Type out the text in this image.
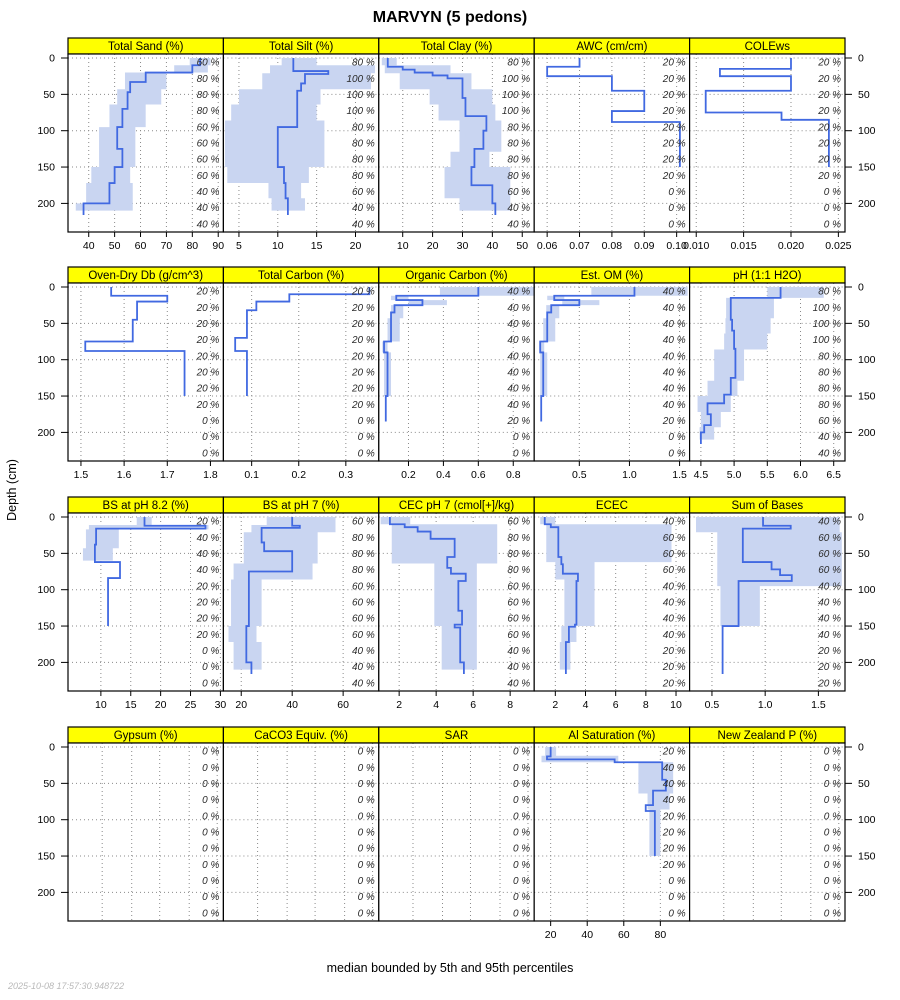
MARVYN (5 pedons)
Depth (cm)
Total Sand (%)
60 %
80 %
80 %
80 %
60 %
60 %
60 %
60 %
40 %
40 %
40 %
40 50 60 70 80 90
0
50
100
150
200
Total Silt (%)
80 %
100 %
100 %
100 %
80 %
80 %
80 %
80 %
60 %
40 %
40 %
5	10	15	20
Total Clay (%)
80 %
100 %
100 %
100 %
80 %
80 %
80 %
80 %
60 %
40 %
40 %
10 20 30 40 50
AWC (cm/cm)
20 %
20 %
20 %
20 %
20 %
20 %
20 %
20 %
0 %
0 %
0 %
0.06 0.07 0.08 0.09 0.10
COLEws
20 %
20 %
20 %
20 %
20 %
20 %
20 %
20 %
0 %
0 %
0 %
0.010 0.015 0.020 0.025
0
50
100
150
200
Oven-Dry Db (g/cm^3)
20 %
20 %
20 %
20 %
20 %
20 %
20 %
20 %
0 %
0 %
0 %
1.5	1.6	1.7	1.8
0
50
100
150
200
Total Carbon (%)
20 %
20 %
20 %
20 %
20 %
20 %
20 %
20 %
0 %
0 %
0 %
0.1	0.2	0.3
Organic Carbon (%)
40 %
40 %
40 %
40 %
40 %
40 %
40 %
40 %
20 %
0 %
0 %
0.2 0.4 0.6 0.8
Est. OM (%)
40 %
40 %
40 %
40 %
40 %
40 %
40 %
40 %
20 %
0 %
0 %
0.5	1.0	1.5
pH (1:1 H2O)
80 %
100 %
100 %
100 %
80 %
80 %
80 %
80 %
60 %
40 %
40 %
4.5 5.0 5.5 6.0 6.5
0
50
100
150
200
BS at pH 8.2 (%)
20 %
40 %
40 %
40 %
20 %
20 %
20 %
20 %
0 %
0 %
0 %
10 15 20 25 30
0
50
100
150
200
BS at pH 7 (%)
60 %
80 %
80 %
80 %
60 %
60 %
60 %
60 %
40 %
40 %
40 %
20	40	60
CEC pH 7 (cmol[+]/kg)
60 %
80 %
80 %
80 %
60 %
60 %
60 %
60 %
40 %
40 %
40 %
2	4	6	8
ECEC
40 %
60 %
60 %
60 %
40 %
40 %
40 %
40 %
20 %
20 %
20 %
2 4 6 8 10
Sum of Bases
40 %
60 %
60 %
60 %
40 %
40 %
40 %
40 %
20 %
20 %
20 %
0.5	1.0	1.5
0
50
100
150
200
Gypsum (%)
0 %
0 %
0 %
0 %
0 %
0 %
0 %
0 %
0 %
0 %
0 %
0
50
100
150
200
CaCO3 Equiv. (%)
0 %
0 %
0 %
0 %
0 %
0 %
0 %
0 %
0 %
0 %
0 %
SAR
0 %
0 %
0 %
0 %
0 %
0 %
0 %
0 %
0 %
0 %
0 %
Al Saturation (%)
20 %
40 %
40 %
40 %
20 %
20 %
20 %
20 %
0 %
0 %
0 %
20 40 60 80
New Zealand P (%)
0 %
0 %
0 %
0 %
0 %
0 %
0 %
0 %
0 %
0 %
0 %
0
50
100
150
200
median bounded by 5th and 95th percentiles
2025-10-08 17:57:30.948722
